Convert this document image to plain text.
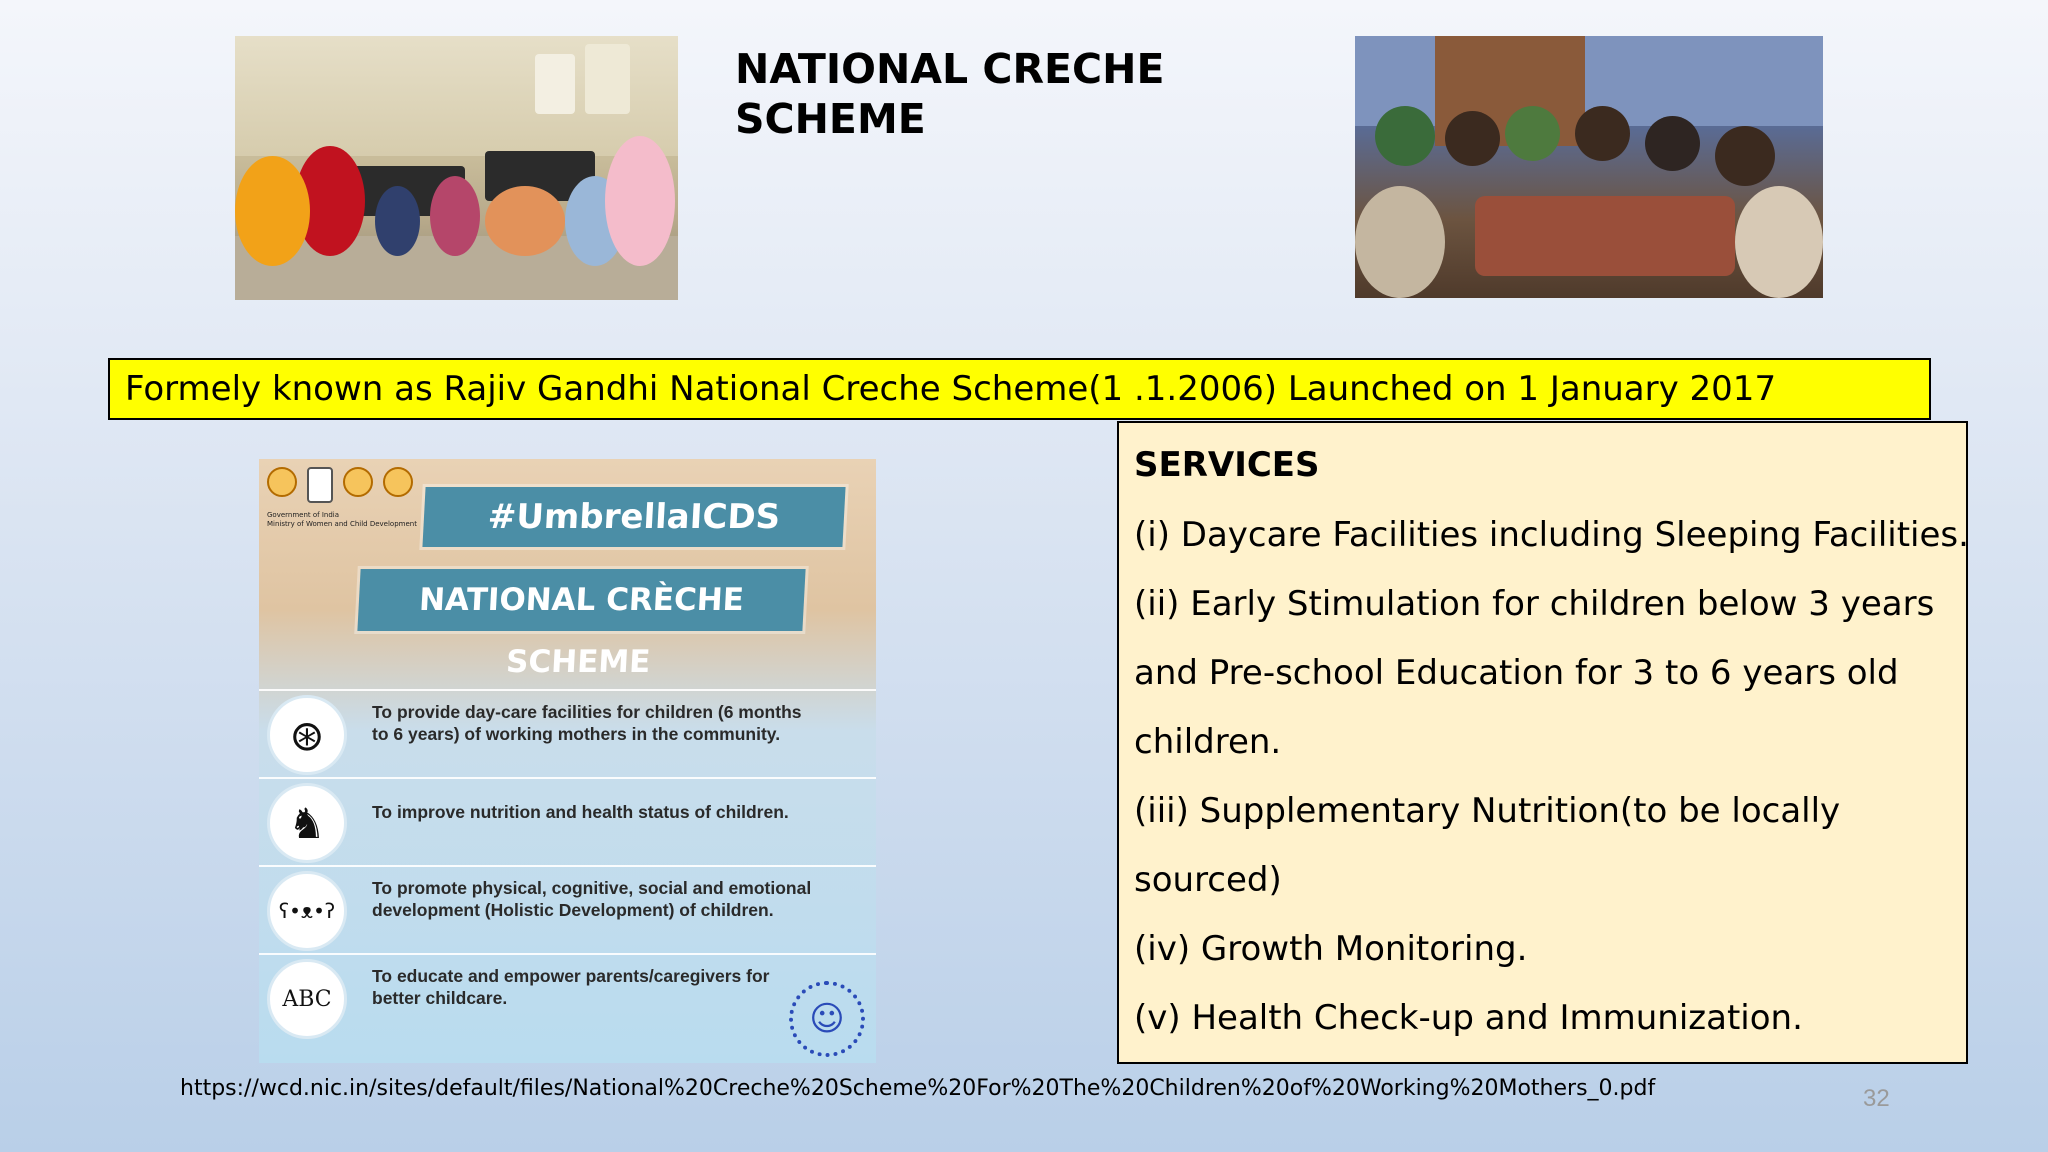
NATIONAL CRECHE
SCHEME
Formely known as Rajiv Gandhi National Creche Scheme(1 .1.2006) Launched on 1 January 2017
Government of India
Ministry of Women and Child Development	#UmbrellaICDS
NATIONAL CRÈCHE SCHEME
⊛	To provide day-care facilities for children (6 months to 6 years) of working mothers in the community.
♞	To improve nutrition and health status of children.
ʕ•ᴥ•ʔ
To promote physical, cognitive, social and emotional development (Holistic Development) of children.
ABC
To educate and empower parents/caregivers for better childcare.
☺
SERVICES
(i) Daycare Facilities including Sleeping Facilities.
(ii) Early Stimulation for children below 3 years
and Pre-school Education for 3 to 6 years old
children.
(iii) Supplementary Nutrition(to be locally
sourced)
(iv) Growth Monitoring.
(v) Health Check-up and Immunization.
https://wcd.nic.in/sites/default/files/National%20Creche%20Scheme%20For%20The%20Children%20of%20Working%20Mothers_0.pdf	32
